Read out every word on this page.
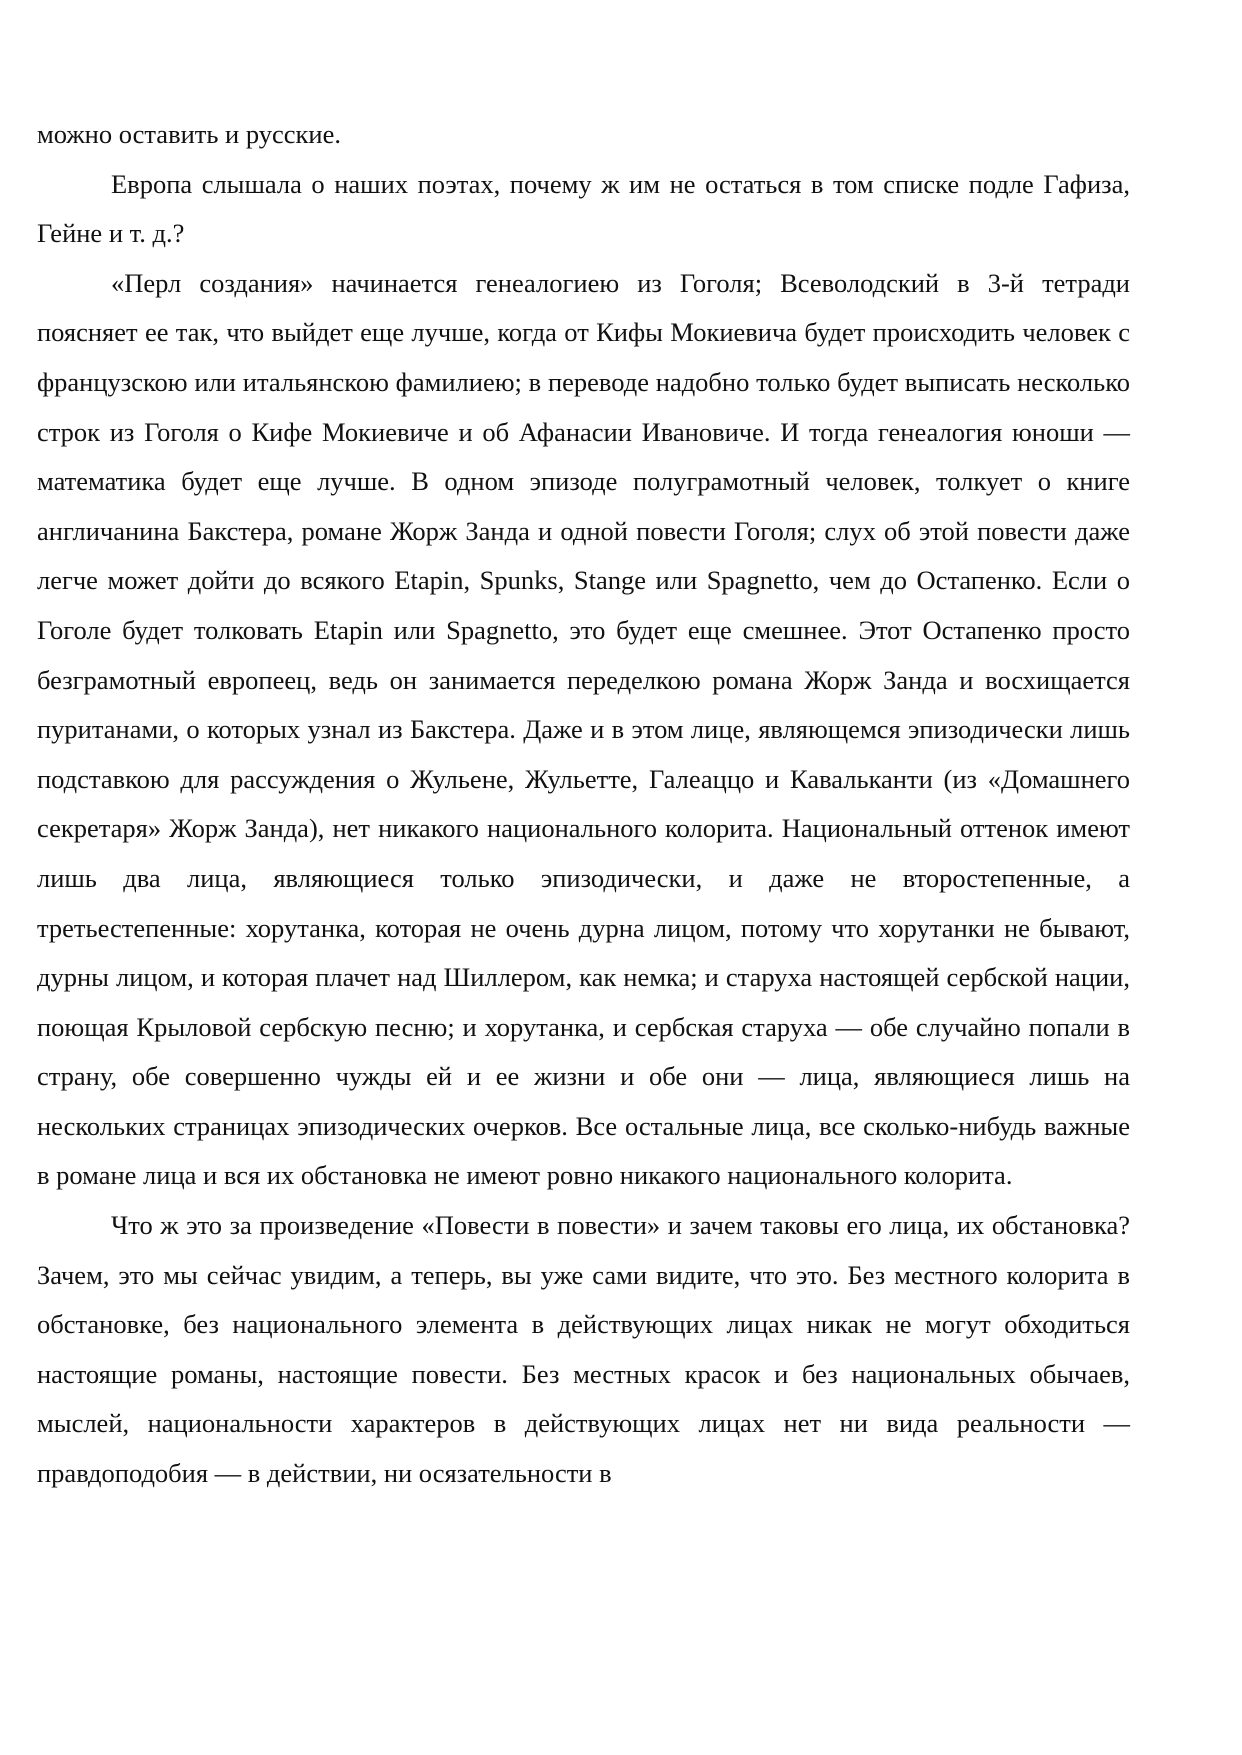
можно оставить и русские.

Европа слышала о наших поэтах, почему ж им не остаться в том списке подле Гафиза, Гейне и т. д.?

«Перл создания» начинается генеалогиею из Гоголя; Всеволодский в 3-й тетради поясняет ее так, что выйдет еще лучше, когда от Кифы Мокиевича будет происходить человек с французскою или итальянскою фамилиею; в переводе надобно только будет выписать несколько строк из Гоголя о Кифе Мокиевиче и об Афанасии Ивановиче. И тогда генеалогия юноши — математика будет еще лучше. В одном эпизоде полуграмотный человек, толкует о книге англичанина Бакстера, романе Жорж Занда и одной повести Гоголя; слух об этой повести даже легче может дойти до всякого Etapin, Spunks, Stange или Spagnetto, чем до Остапенко. Если о Гоголе будет толковать Etapin или Spagnetto, это будет еще смешнее. Этот Остапенко просто безграмотный европеец, ведь он занимается переделкою романа Жорж Занда и восхищается пуританами, о которых узнал из Бакстера. Даже и в этом лице, являющемся эпизодически лишь подставкою для рассуждения о Жульене, Жульетте, Галеаццо и Кавальканти (из «Домашнего секретаря» Жорж Занда), нет никакого национального колорита. Национальный оттенок имеют лишь два лица, являющиеся только эпизодически, и даже не второстепенные, а третьестепенные: хорутанка, которая не очень дурна лицом, потому что хорутанки не бывают, дурны лицом, и которая плачет над Шиллером, как немка; и старуха настоящей сербской нации, поющая Крыловой сербскую песню; и хорутанка, и сербская старуха — обе случайно попали в страну, обе совершенно чужды ей и ее жизни и обе они — лица, являющиеся лишь на нескольких страницах эпизодических очерков. Все остальные лица, все сколько-нибудь важные в романе лица и вся их обстановка не имеют ровно никакого национального колорита.

Что ж это за произведение «Повести в повести» и зачем таковы его лица, их обстановка? Зачем, это мы сейчас увидим, а теперь, вы уже сами видите, что это. Без местного колорита в обстановке, без национального элемента в действующих лицах никак не могут обходиться настоящие романы, настоящие повести. Без местных красок и без национальных обычаев, мыслей, национальности характеров в действующих лицах нет ни вида реальности — правдоподобия — в действии, ни осязательности в
